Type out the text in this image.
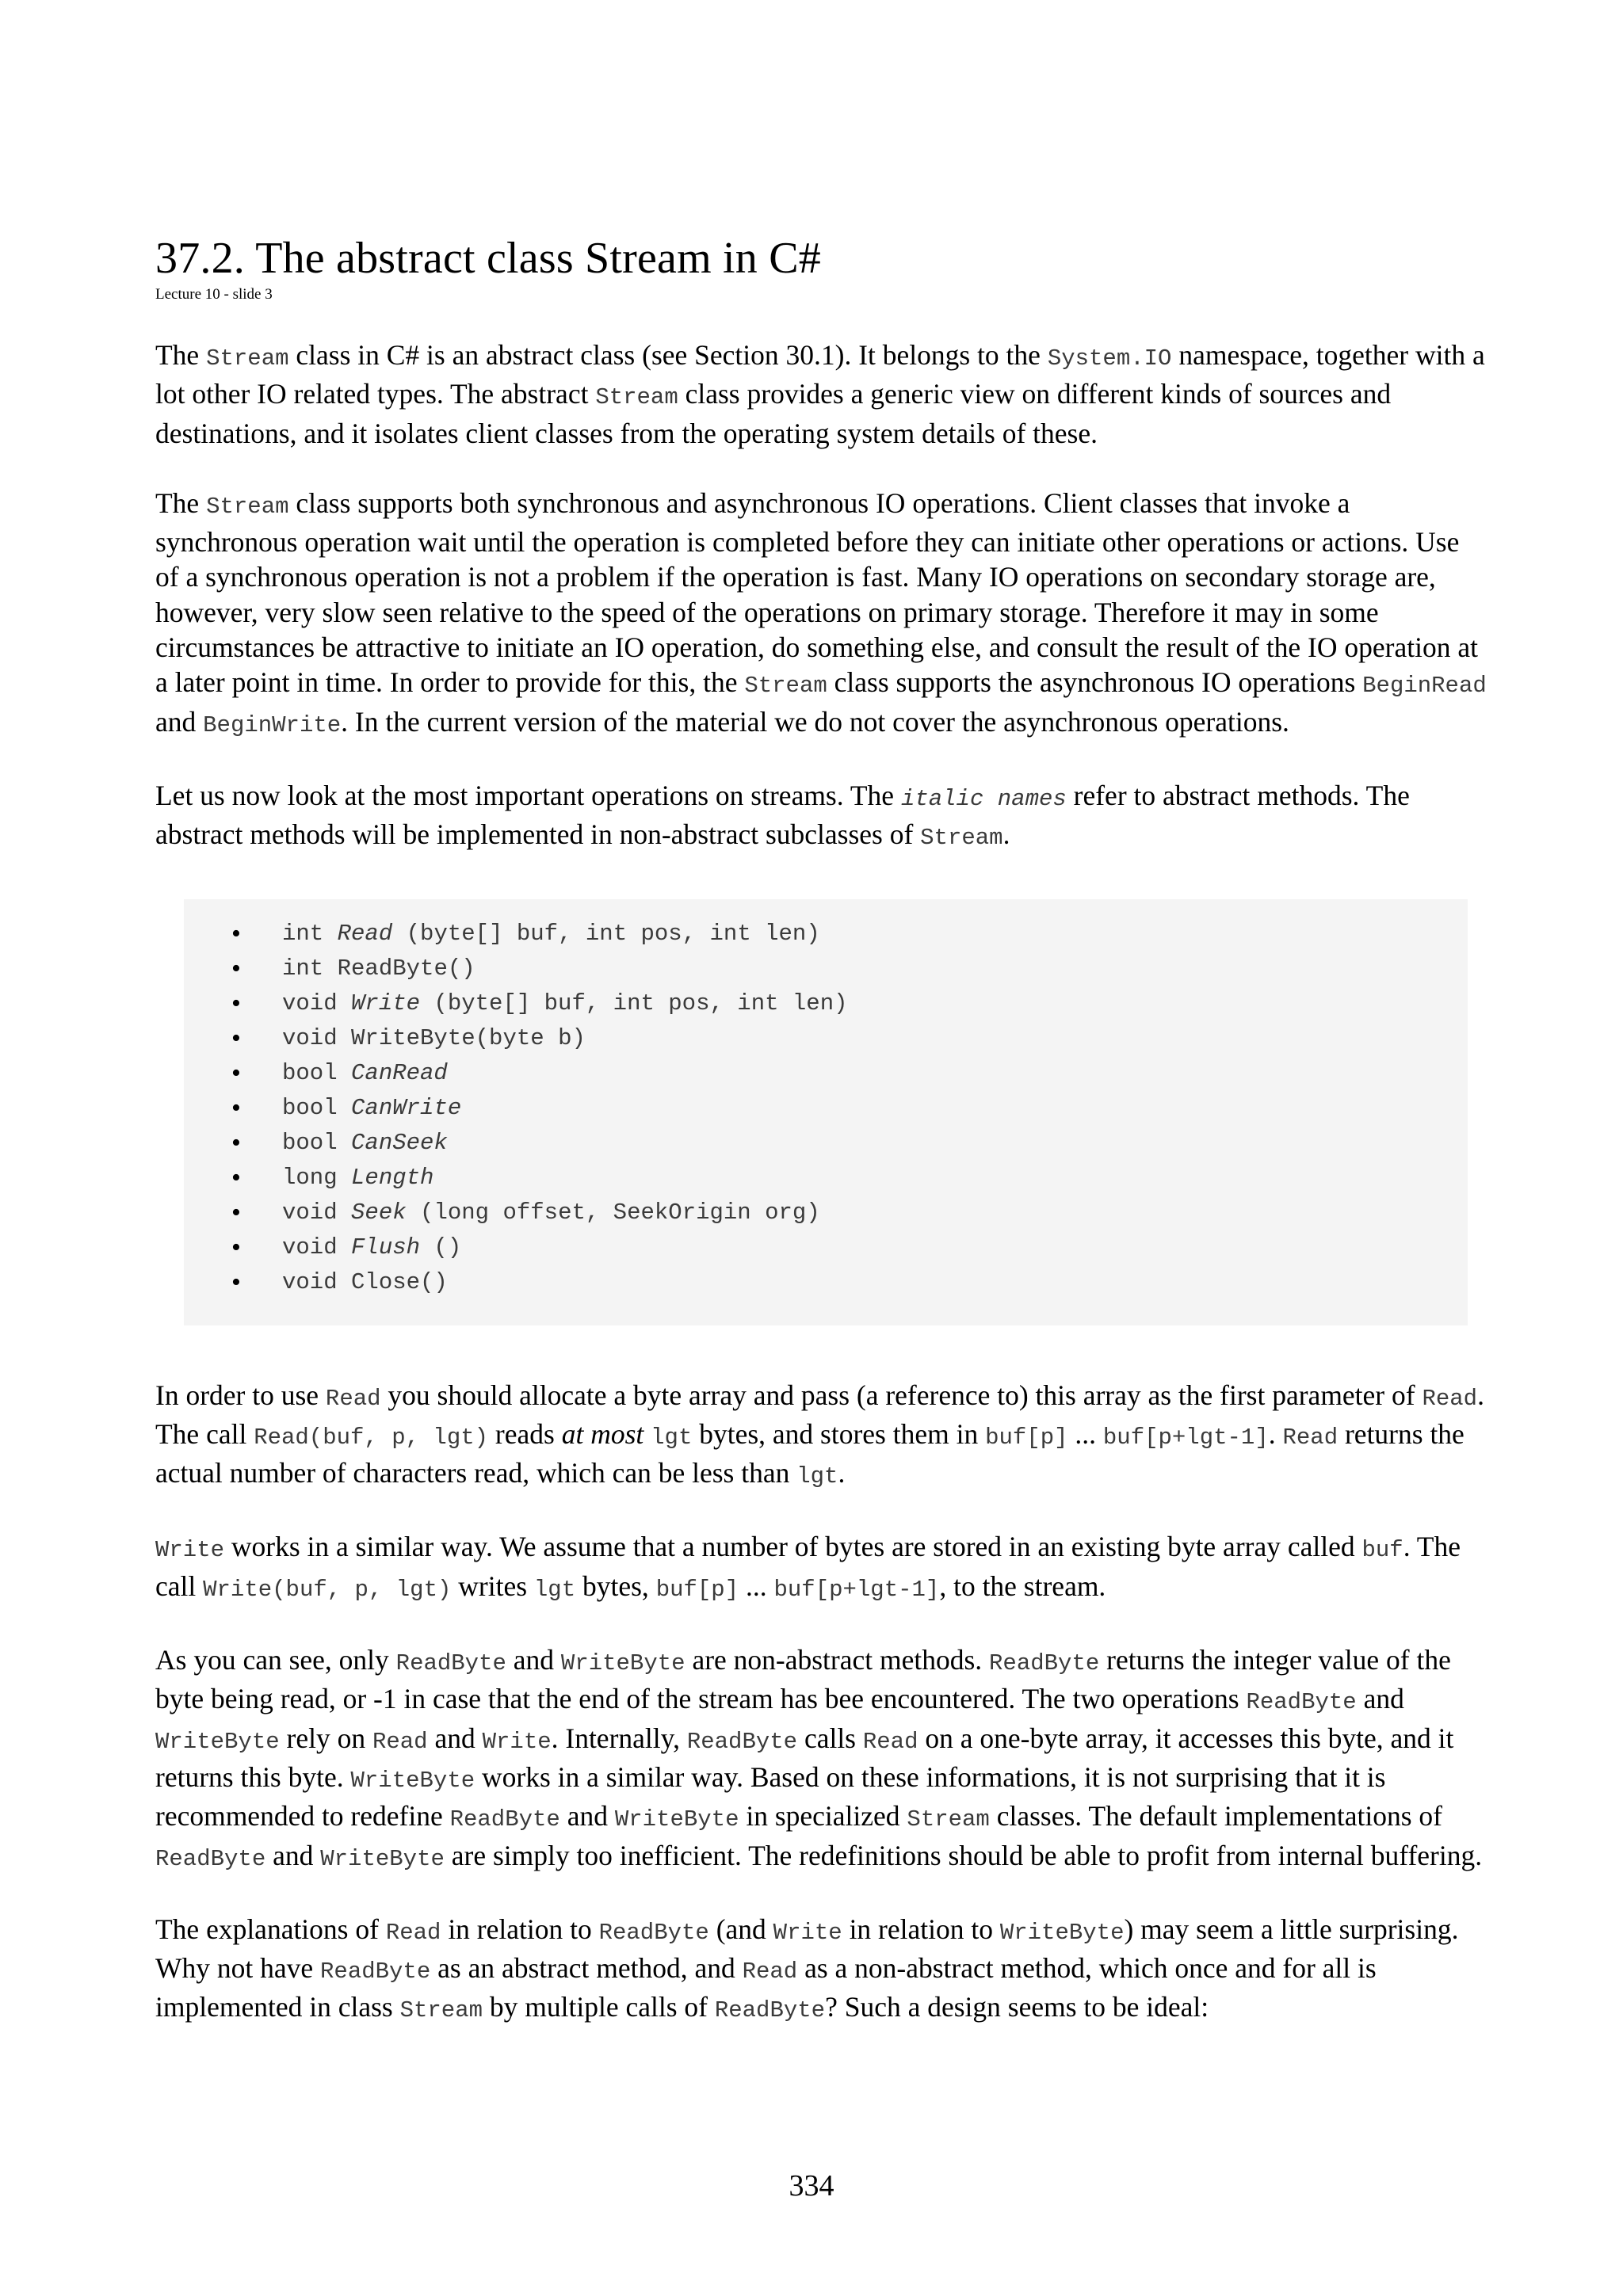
37.2. The abstract class Stream in C#
Lecture 10 - slide 3

The Stream class in C# is an abstract class (see Section 30.1). It belongs to the System.IO namespace, together with a lot other IO related types. The abstract Stream class provides a generic view on different kinds of sources and destinations, and it isolates client classes from the operating system details of these.

The Stream class supports both synchronous and asynchronous IO operations. Client classes that invoke a synchronous operation wait until the operation is completed before they can initiate other operations or actions. Use of a synchronous operation is not a problem if the operation is fast. Many IO operations on secondary storage are, however, very slow seen relative to the speed of the operations on primary storage. Therefore it may in some circumstances be attractive to initiate an IO operation, do something else, and consult the result of the IO operation at a later point in time. In order to provide for this, the Stream class supports the asynchronous IO operations BeginRead and BeginWrite. In the current version of the material we do not cover the asynchronous operations.

Let us now look at the most important operations on streams. The italic names refer to abstract methods. The abstract methods will be implemented in non-abstract subclasses of Stream.

• int Read (byte[] buf, int pos, int len)
• int ReadByte()
• void Write (byte[] buf, int pos, int len)
• void WriteByte(byte b)
• bool CanRead
• bool CanWrite
• bool CanSeek
• long Length
• void Seek (long offset, SeekOrigin org)
• void Flush ()
• void Close()

In order to use Read you should allocate a byte array and pass (a reference to) this array as the first parameter of Read. The call Read(buf, p, lgt) reads at most lgt bytes, and stores them in buf[p] ... buf[p+lgt-1]. Read returns the actual number of characters read, which can be less than lgt.

Write works in a similar way. We assume that a number of bytes are stored in an existing byte array called buf. The call Write(buf, p, lgt) writes lgt bytes, buf[p] ... buf[p+lgt-1], to the stream.

As you can see, only ReadByte and WriteByte are non-abstract methods. ReadByte returns the integer value of the byte being read, or -1 in case that the end of the stream has bee encountered. The two operations ReadByte and WriteByte rely on Read and Write. Internally, ReadByte calls Read on a one-byte array, it accesses this byte, and it returns this byte. WriteByte works in a similar way. Based on these informations, it is not surprising that it is recommended to redefine ReadByte and WriteByte in specialized Stream classes. The default implementations of ReadByte and WriteByte are simply too inefficient. The redefinitions should be able to profit from internal buffering.

The explanations of Read in relation to ReadByte (and Write in relation to WriteByte) may seem a little surprising. Why not have ReadByte as an abstract method, and Read as a non-abstract method, which once and for all is implemented in class Stream by multiple calls of ReadByte? Such a design seems to be ideal:

334
